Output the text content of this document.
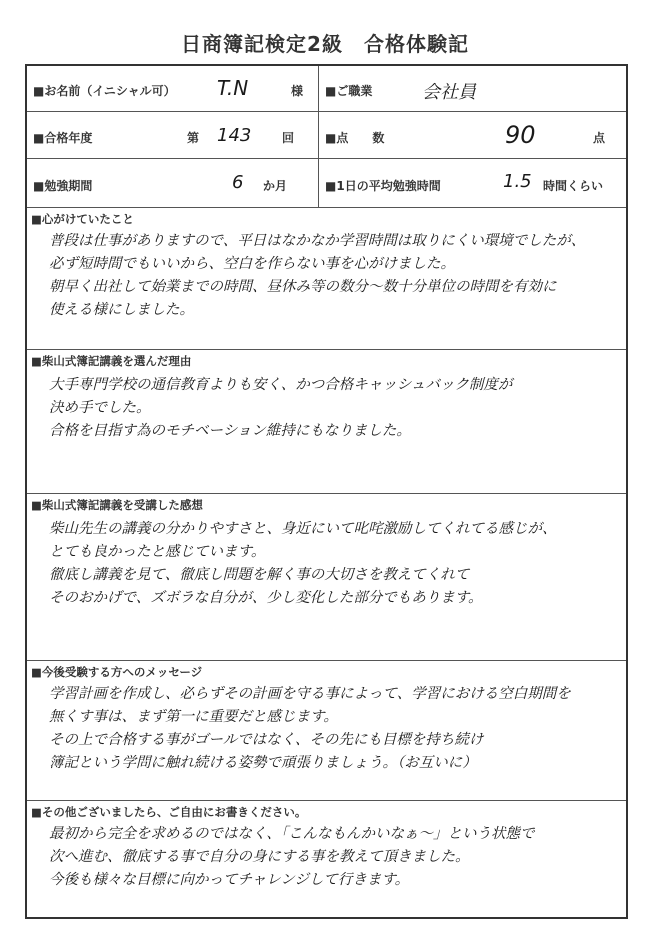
日商簿記検定2級　合格体験記
■お名前（イニシャル可） T.N	様 ■ご職業	会社員
■合格年度	第 143	回	■点　　数	90	点
■勉強期間	6 か月	■1日の平均勉強時間	1.5 時間くらい
■心がけていたこと
普段は仕事がありますので、平日はなかなか学習時間は取りにくい環境でしたが、
必ず短時間でもいいから、空白を作らない事を心がけました。
朝早く出社して始業までの時間、昼休み等の数分～数十分単位の時間を有効に
使える様にしました。
■柴山式簿記講義を選んだ理由
大手専門学校の通信教育よりも安く、かつ合格キャッシュバック制度が
決め手でした。
合格を目指す為のモチベーション維持にもなりました。
■柴山式簿記講義を受講した感想
柴山先生の講義の分かりやすさと、身近にいて叱咤激励してくれてる感じが、
とても良かったと感じています。
徹底し講義を見て、徹底し問題を解く事の大切さを教えてくれて
そのおかげで、ズボラな自分が、少し変化した部分でもあります。
■今後受験する方へのメッセージ
学習計画を作成し、必らずその計画を守る事によって、学習における空白期間を
無くす事は、まず第一に重要だと感じます。
その上で合格する事がゴールではなく、その先にも目標を持ち続け
簿記という学問に触れ続ける姿勢で頑張りましょう。（お互いに）
■その他ございましたら、ご自由にお書きください。
最初から完全を求めるのではなく、「こんなもんかいなぁ～」という状態で
次へ進む、徹底する事で自分の身にする事を教えて頂きました。
今後も様々な目標に向かってチャレンジして行きます。
